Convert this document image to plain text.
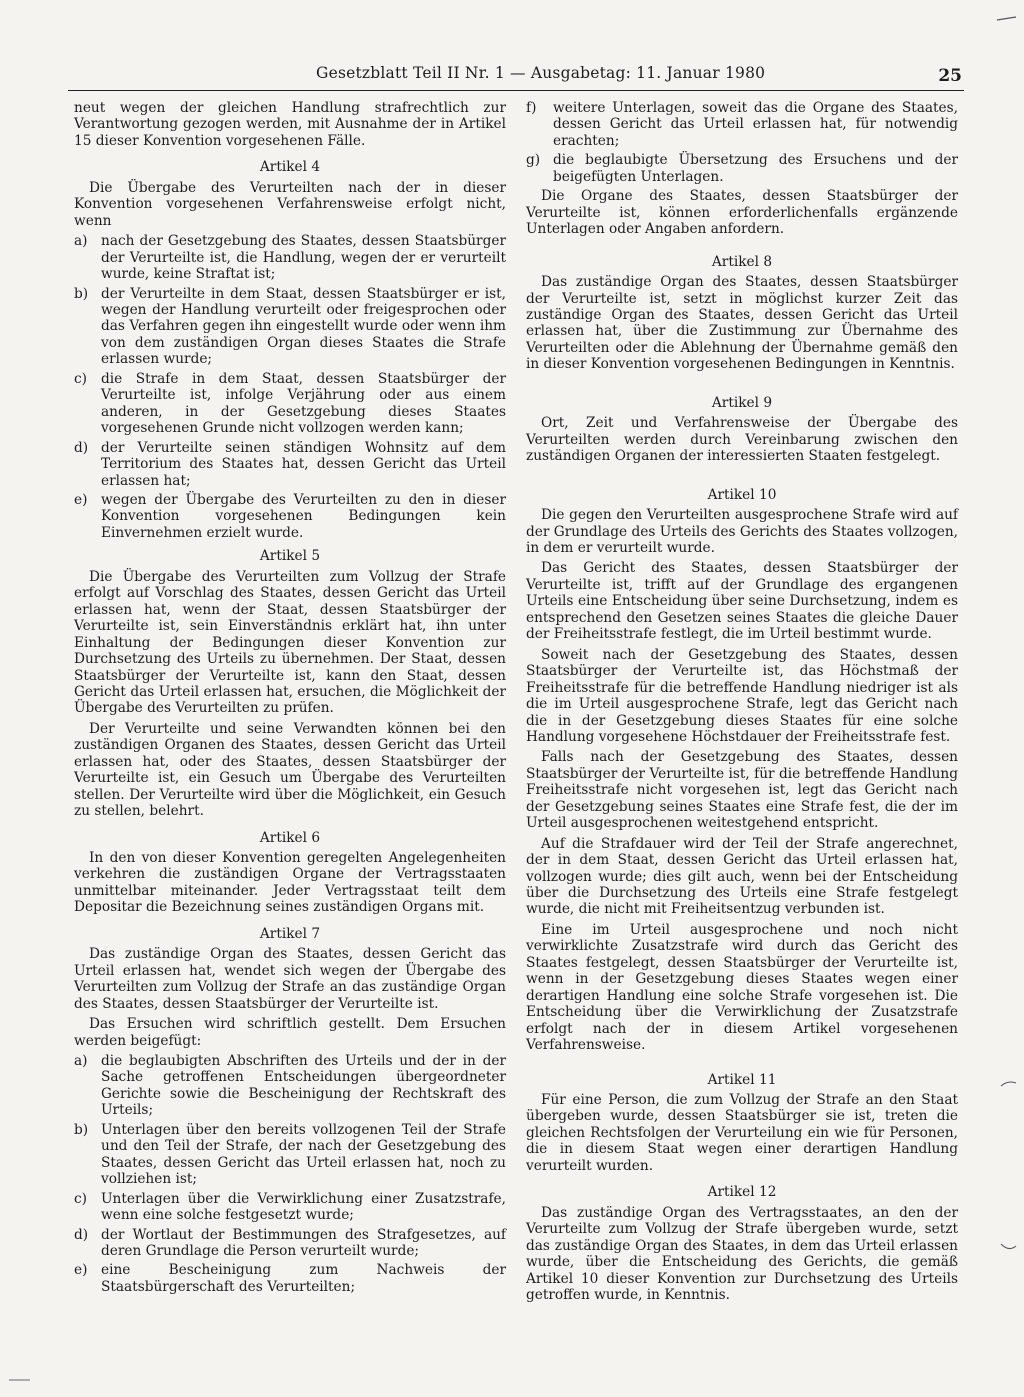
Gesetzblatt Teil II Nr. 1 — Ausgabetag: 11. Januar 1980	25

neut wegen der gleichen Handlung strafrechtlich zur Verantwortung gezogen werden, mit Ausnahme der in Artikel 15 dieser Konvention vorgesehenen Fälle.

Artikel 4

Die Übergabe des Verurteilten nach der in dieser Konvention vorgesehenen Verfahrensweise erfolgt nicht, wenn

a) nach der Gesetzgebung des Staates, dessen Staatsbürger der Verurteilte ist, die Handlung, wegen der er verurteilt wurde, keine Straftat ist;
b) der Verurteilte in dem Staat, dessen Staatsbürger er ist, wegen der Handlung verurteilt oder freigesprochen oder das Verfahren gegen ihn eingestellt wurde oder wenn ihm von dem zuständigen Organ dieses Staates die Strafe erlassen wurde;
c)	die Strafe in dem Staat, dessen Staatsbürger der Verurteilte ist, infolge Verjährung oder aus einem anderen, in der Gesetzgebung dieses Staates vorgesehenen Grunde nicht vollzogen werden kann;
d) der Verurteilte seinen ständigen Wohnsitz auf dem Territorium des Staates hat, dessen Gericht das Urteil erlassen hat;
e) wegen der Übergabe des Verurteilten zu den in dieser Konvention vorgesehenen Bedingungen kein Einvernehmen erzielt wurde.
Artikel 5

Die Übergabe des Verurteilten zum Vollzug der Strafe erfolgt auf Vorschlag des Staates, dessen Gericht das Urteil erlassen hat, wenn der Staat, dessen Staatsbürger der Verurteilte ist, sein Einverständnis erklärt hat, ihn unter Einhaltung der Bedingungen dieser Konvention zur Durchsetzung des Urteils zu übernehmen. Der Staat, dessen Staatsbürger der Verurteilte ist, kann den Staat, dessen Gericht das Urteil erlassen hat, ersuchen, die Möglichkeit der Übergabe des Verurteilten zu prüfen.

Der Verurteilte und seine Verwandten können bei den zuständigen Organen des Staates, dessen Gericht das Urteil erlassen hat, oder des Staates, dessen Staatsbürger der Verurteilte ist, ein Gesuch um Übergabe des Verurteilten stellen. Der Verurteilte wird über die Möglichkeit, ein Gesuch zu stellen, belehrt.

Artikel 6

In den von dieser Konvention geregelten Angelegenheiten verkehren die zuständigen Organe der Vertragsstaaten unmittelbar miteinander. Jeder Vertragsstaat teilt dem Depositar die Bezeichnung seines zuständigen Organs mit.

Artikel 7

Das zuständige Organ des Staates, dessen Gericht das Urteil erlassen hat, wendet sich wegen der Übergabe des Verurteilten zum Vollzug der Strafe an das zuständige Organ des Staates, dessen Staatsbürger der Verurteilte ist.

Das Ersuchen wird schriftlich gestellt. Dem Ersuchen werden beigefügt:

a) die beglaubigten Abschriften des Urteils und der in der Sache getroffenen Entscheidungen übergeordneter Gerichte sowie die Bescheinigung der Rechtskraft des Urteils;
b) Unterlagen über den bereits vollzogenen Teil der Strafe und den Teil der Strafe, der nach der Gesetzgebung des Staates, dessen Gericht das Urteil erlassen hat, noch zu vollziehen ist;
c)	Unterlagen über die Verwirklichung einer Zusatzstrafe, wenn eine solche festgesetzt wurde;
d) der Wortlaut der Bestimmungen des Strafgesetzes, auf deren Grundlage die Person verurteilt wurde;
e) eine Bescheinigung zum Nachweis der Staatsbürgerschaft des Verurteilten;
f)	weitere Unterlagen, soweit das die Organe des Staates, dessen Gericht das Urteil erlassen hat, für notwendig erachten;
g) die beglaubigte Übersetzung des Ersuchens und der beigefügten Unterlagen.

Die Organe des Staates, dessen Staatsbürger der Verurteilte ist, können erforderlichenfalls ergänzende Unterlagen oder Angaben anfordern.

Artikel 8

Das zuständige Organ des Staates, dessen Staatsbürger der Verurteilte ist, setzt in möglichst kurzer Zeit das zuständige Organ des Staates, dessen Gericht das Urteil erlassen hat, über die Zustimmung zur Übernahme des Verurteilten oder die Ablehnung der Übernahme gemäß den in dieser Konvention vorgesehenen Bedingungen in Kenntnis.

Artikel 9

Ort, Zeit und Verfahrensweise der Übergabe des Verurteilten werden durch Vereinbarung zwischen den zuständigen Organen der interessierten Staaten festgelegt.

Artikel 10

Die gegen den Verurteilten ausgesprochene Strafe wird auf der Grundlage des Urteils des Gerichts des Staates vollzogen, in dem er verurteilt wurde.

Das Gericht des Staates, dessen Staatsbürger der Verurteilte ist, trifft auf der Grundlage des ergangenen Urteils eine Entscheidung über seine Durchsetzung, indem es entsprechend den Gesetzen seines Staates die gleiche Dauer der Freiheitsstrafe festlegt, die im Urteil bestimmt wurde.

Soweit nach der Gesetzgebung des Staates, dessen Staatsbürger der Verurteilte ist, das Höchstmaß der Freiheitsstrafe für die betreffende Handlung niedriger ist als die im Urteil ausgesprochene Strafe, legt das Gericht nach die in der Gesetzgebung dieses Staates für eine solche Handlung vorgesehene Höchstdauer der Freiheitsstrafe fest.

Falls nach der Gesetzgebung des Staates, dessen Staatsbürger der Verurteilte ist, für die betreffende Handlung Freiheitsstrafe nicht vorgesehen ist, legt das Gericht nach der Gesetzgebung seines Staates eine Strafe fest, die der im Urteil ausgesprochenen weitestgehend entspricht.

Auf die Strafdauer wird der Teil der Strafe angerechnet, der in dem Staat, dessen Gericht das Urteil erlassen hat, vollzogen wurde; dies gilt auch, wenn bei der Entscheidung über die Durchsetzung des Urteils eine Strafe festgelegt wurde, die nicht mit Freiheitsentzug verbunden ist.

Eine im Urteil ausgesprochene und noch nicht verwirklichte Zusatzstrafe wird durch das Gericht des Staates festgelegt, dessen Staatsbürger der Verurteilte ist, wenn in der Gesetzgebung dieses Staates wegen einer derartigen Handlung eine solche Strafe vorgesehen ist. Die Entscheidung über die Verwirklichung der Zusatzstrafe erfolgt nach der in diesem Artikel vorgesehenen Verfahrensweise.

Artikel 11

Für eine Person, die zum Vollzug der Strafe an den Staat übergeben wurde, dessen Staatsbürger sie ist, treten die gleichen Rechtsfolgen der Verurteilung ein wie für Personen, die in diesem Staat wegen einer derartigen Handlung verurteilt wurden.

Artikel 12

Das zuständige Organ des Vertragsstaates, an den der Verurteilte zum Vollzug der Strafe übergeben wurde, setzt das zuständige Organ des Staates, in dem das Urteil erlassen wurde, über die Entscheidung des Gerichts, die gemäß Artikel 10 dieser Konvention zur Durchsetzung des Urteils getroffen wurde, in Kenntnis.
